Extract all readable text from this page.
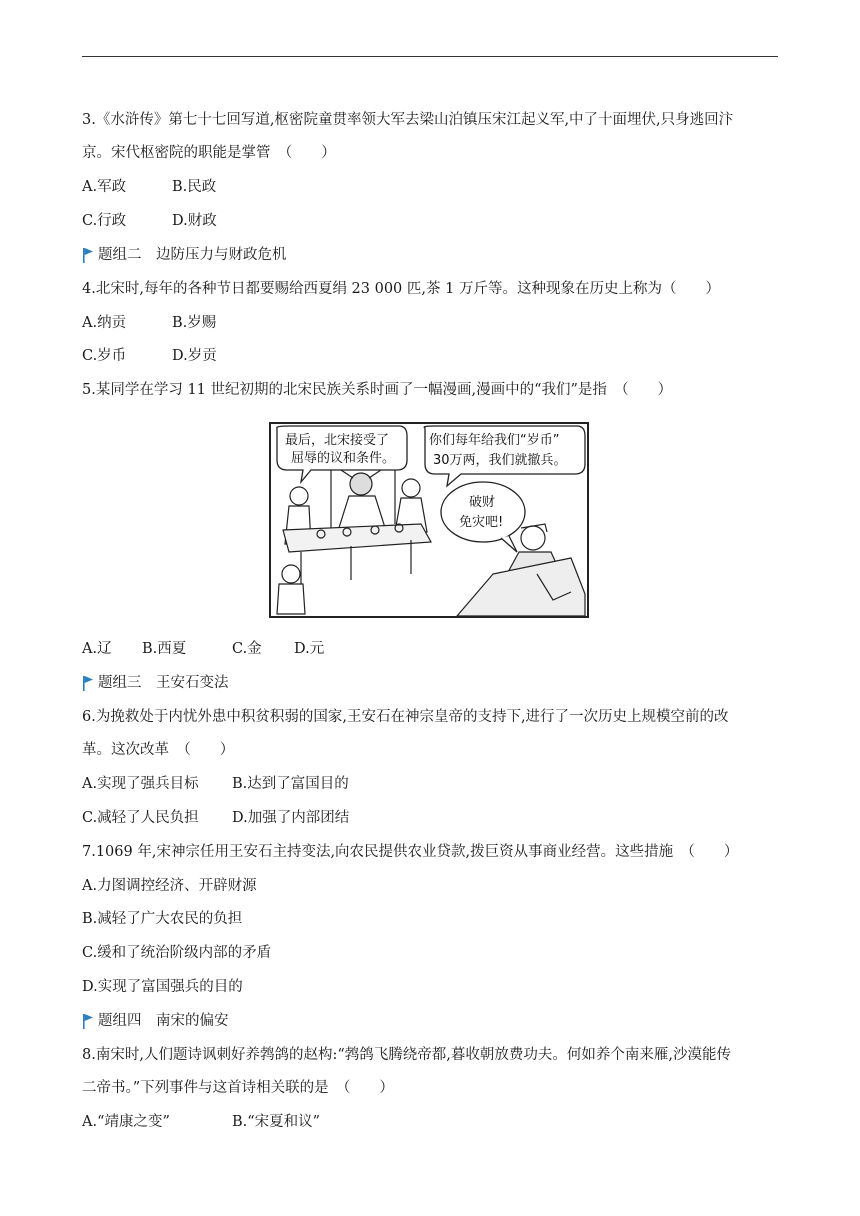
3.《水浒传》第七十七回写道,枢密院童贯率领大军去梁山泊镇压宋江起义军,中了十面埋伏,只身逃回汴
京。宋代枢密院的职能是掌管　（　　）
A.军政	B.民政
C.行政	D.财政
题组二　边防压力与财政危机
4.北宋时,每年的各种节日都要赐给西夏绢 23 000 匹,茶 1 万斤等。这种现象在历史上称为（　　）
A.纳贡	B.岁赐
C.岁币	D.岁贡
5.某同学在学习 11 世纪初期的北宋民族关系时画了一幅漫画,漫画中的“我们”是指　（　　）
最后，北宋接受了
屈辱的议和条件。
你们每年给我们“岁币”
30万两，我们就撤兵。
破财
免灾吧!
A.辽 B.西夏	C.金 D.元
题组三　王安石变法
6.为挽救处于内忧外患中积贫积弱的国家,王安石在神宗皇帝的支持下,进行了一次历史上规模空前的改
革。这次改革　（　　）
A.实现了强兵目标 B.达到了富国目的
C.减轻了人民负担 D.加强了内部团结
7.1069 年,宋神宗任用王安石主持变法,向农民提供农业贷款,拨巨资从事商业经营。这些措施　（　　）
A.力图调控经济、开辟财源
B.减轻了广大农民的负担
C.缓和了统治阶级内部的矛盾
D.实现了富国强兵的目的
题组四　南宋的偏安
8.南宋时,人们题诗讽刺好养鹁鸽的赵构:“鹁鸽飞腾绕帝都,暮收朝放费功夫。何如养个南来雁,沙漠能传
二帝书。”下列事件与这首诗相关联的是　（　　）
A.“靖康之变”	B.“宋夏和议”
